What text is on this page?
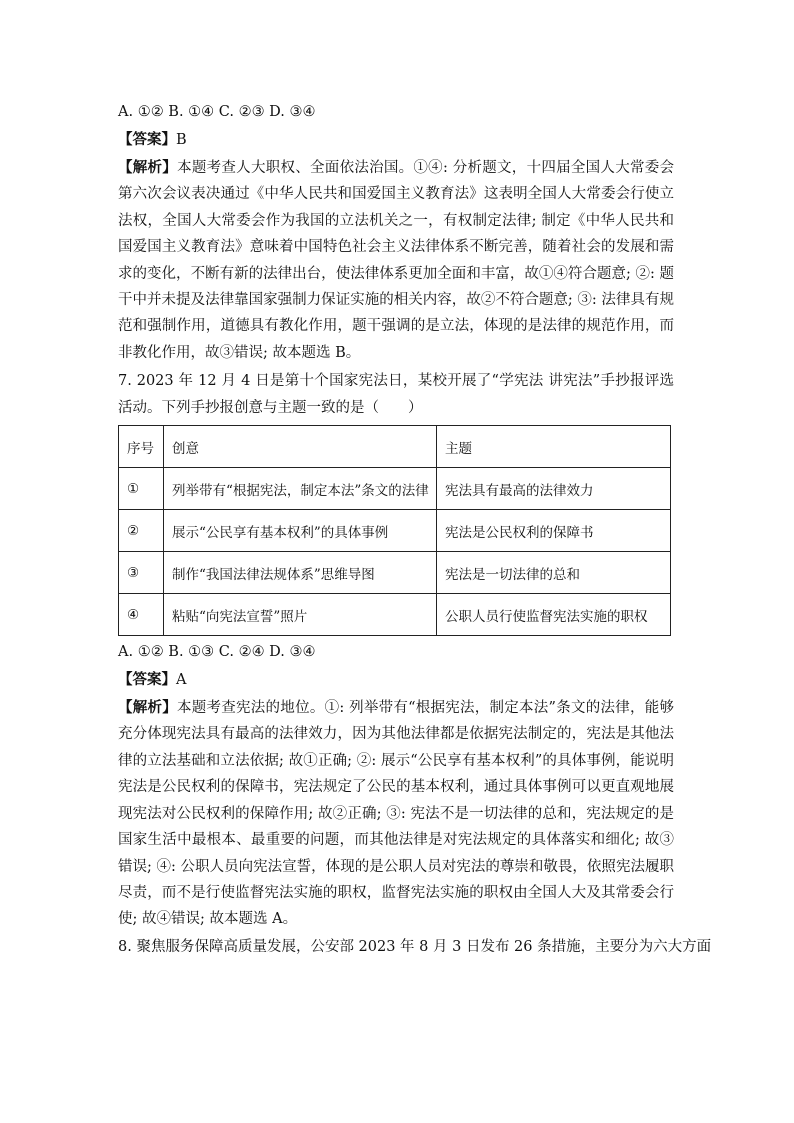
A. ①② B. ①④ C. ②③ D. ③④
【答案】B
【解析】本题考查人大职权、全面依法治国。①④: 分析题文，十四届全国人大常委会第六次会议表决通过《中华人民共和国爱国主义教育法》这表明全国人大常委会行使立法权，全国人大常委会作为我国的立法机关之一，有权制定法律; 制定《中华人民共和国爱国主义教育法》意味着中国特色社会主义法律体系不断完善，随着社会的发展和需求的变化，不断有新的法律出台，使法律体系更加全面和丰富，故①④符合题意; ②: 题干中并未提及法律靠国家强制力保证实施的相关内容，故②不符合题意; ③: 法律具有规范和强制作用，道德具有教化作用，题干强调的是立法，体现的是法律的规范作用，而非教化作用，故③错误; 故本题选 B。
7. 2023 年 12 月 4 日是第十个国家宪法日，某校开展了“学宪法 讲宪法”手抄报评选活动。下列手抄报创意与主题一致的是（　　）
序号	创意	主题
①	列举带有“根据宪法，制定本法”条文的法律	宪法具有最高的法律效力
②	展示“公民享有基本权利”的具体事例	宪法是公民权利的保障书
③	制作“我国法律法规体系”思维导图	宪法是一切法律的总和
④	粘贴“向宪法宣誓”照片	公职人员行使监督宪法实施的职权
A. ①② B. ①③ C. ②④ D. ③④
【答案】A
【解析】本题考查宪法的地位。①: 列举带有“根据宪法，制定本法”条文的法律，能够充分体现宪法具有最高的法律效力，因为其他法律都是依据宪法制定的，宪法是其他法律的立法基础和立法依据; 故①正确; ②: 展示“公民享有基本权利”的具体事例，能说明宪法是公民权利的保障书，宪法规定了公民的基本权利，通过具体事例可以更直观地展现宪法对公民权利的保障作用; 故②正确; ③: 宪法不是一切法律的总和，宪法规定的是国家生活中最根本、最重要的问题，而其他法律是对宪法规定的具体落实和细化; 故③错误; ④: 公职人员向宪法宣誓，体现的是公职人员对宪法的尊崇和敬畏，依照宪法履职尽责，而不是行使监督宪法实施的职权，监督宪法实施的职权由全国人大及其常委会行使; 故④错误; 故本题选 A。
8. 聚焦服务保障高质量发展，公安部 2023 年 8 月 3 日发布 26 条措施，主要分为六大方面
